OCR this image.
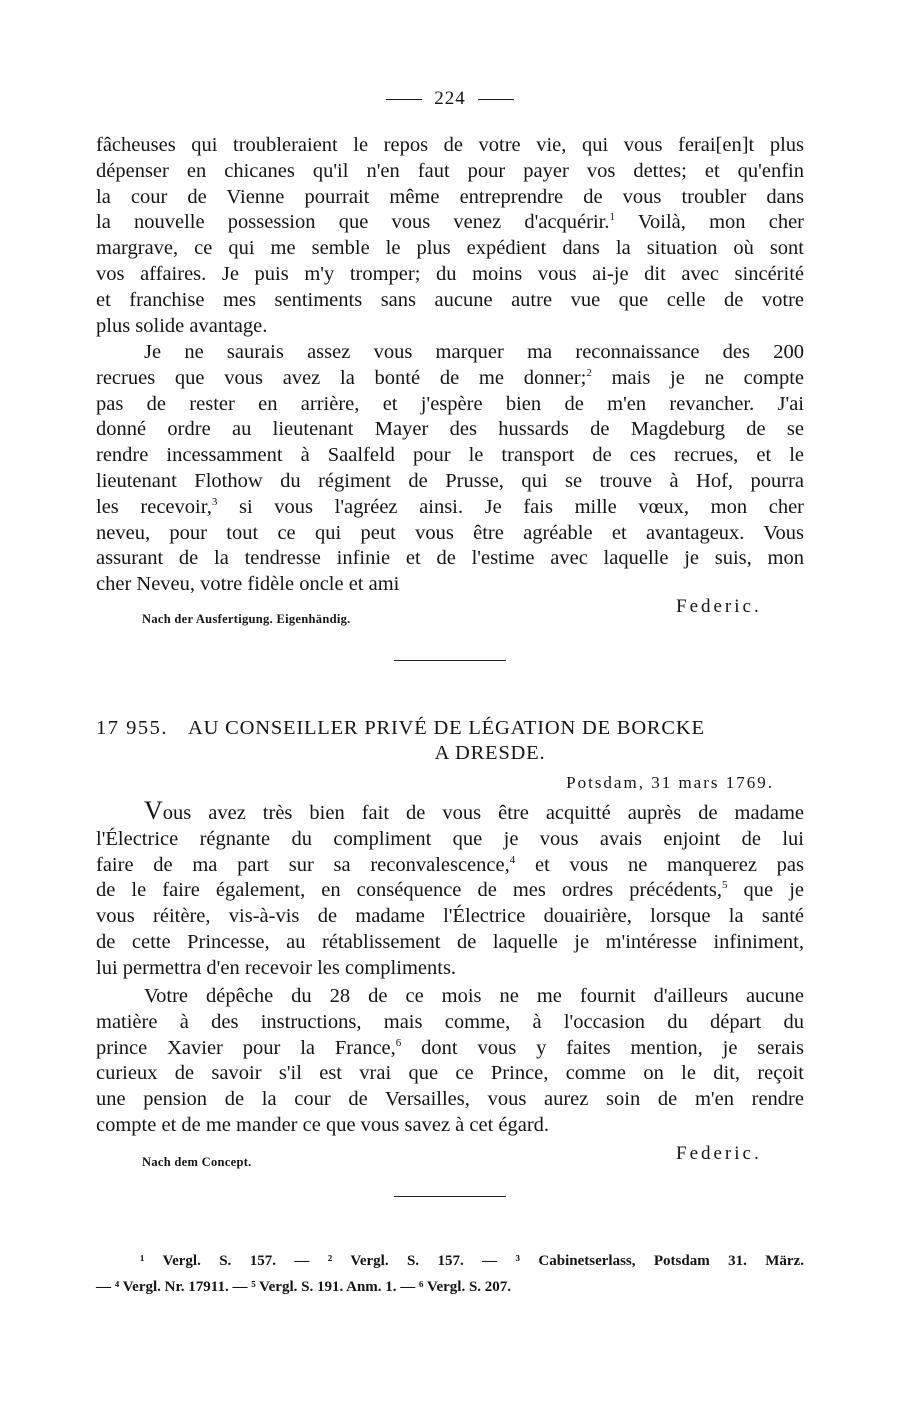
224
fâcheuses qui troubleraient le repos de votre vie, qui vous ferai[en]t plus
dépenser en chicanes qu'il n'en faut pour payer vos dettes; et qu'enfin
la cour de Vienne pourrait même entreprendre de vous troubler dans
la nouvelle possession que vous venez d'acquérir.$^1$ Voilà, mon cher
margrave, ce qui me semble le plus expédient dans la situation où sont
vos affaires. Je puis m'y tromper; du moins vous ai-je dit avec sincérité
et franchise mes sentiments sans aucune autre vue que celle de votre
plus solide avantage.
Je ne saurais assez vous marquer ma reconnaissance des 200
recrues que vous avez la bonté de me donner;$^2$ mais je ne compte
pas de rester en arrière, et j'espère bien de m'en revancher. J'ai
donné ordre au lieutenant Mayer des hussards de Magdeburg de se
rendre incessamment à Saalfeld pour le transport de ces recrues, et le
lieutenant Flothow du régiment de Prusse, qui se trouve à Hof, pourra
les recevoir,$^3$ si vous l'agréez ainsi. Je fais mille vœux, mon cher
neveu, pour tout ce qui peut vous être agréable et avantageux. Vous
assurant de la tendresse infinie et de l'estime avec laquelle je suis, mon
cher Neveu, votre fidèle oncle et ami
Nach der Ausfertigung. Eigenhändig.
Federic.
17 955. AU CONSEILLER PRIVÉ DE LÉGATION DE BORCKE
A DRESDE.
Potsdam, 31 mars 1769.
Vous avez très bien fait de vous être acquitté auprès de madame
l'Électrice régnante du compliment que je vous avais enjoint de lui
faire de ma part sur sa reconvalescence,$^4$ et vous ne manquerez pas
de le faire également, en conséquence de mes ordres précédents,$^5$ que je
vous réitère, vis-à-vis de madame l'Électrice douairière, lorsque la santé
de cette Princesse, au rétablissement de laquelle je m'intéresse infiniment,
lui permettra d'en recevoir les compliments.
Votre dépêche du 28 de ce mois ne me fournit d'ailleurs aucune
matière à des instructions, mais comme, à l'occasion du départ du
prince Xavier pour la France,$^6$ dont vous y faites mention, je serais
curieux de savoir s'il est vrai que ce Prince, comme on le dit, reçoit
une pension de la cour de Versailles, vous aurez soin de m'en rendre
compte et de me mander ce que vous savez à cet égard.
Nach dem Concept.	Federic.
¹ Vergl. S. 157. — ² Vergl. S. 157. — ³ Cabinetserlass, Potsdam 31. März.
— ⁴ Vergl. Nr. 17911. — ⁵ Vergl. S. 191. Anm. 1. — ⁶ Vergl. S. 207.
